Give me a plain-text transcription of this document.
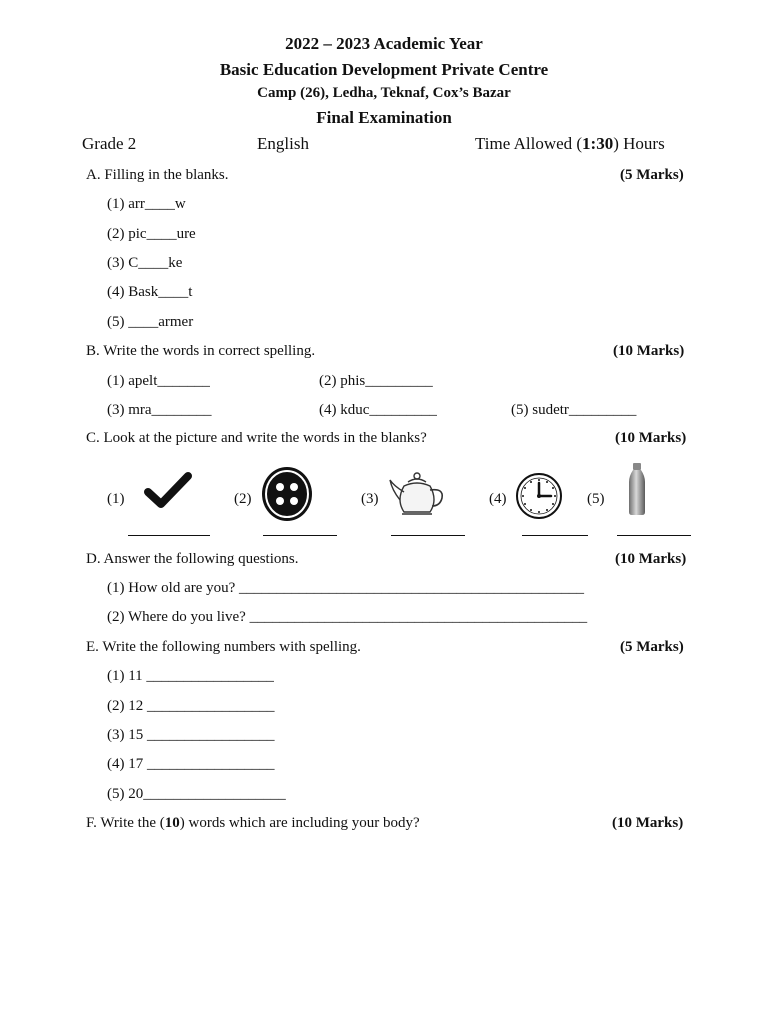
2022 – 2023 Academic Year
Basic Education Development Private Centre
Camp (26), Ledha, Teknaf, Cox’s Bazar
Final Examination
Grade 2	English	Time Allowed (1:30) Hours
A. Filling in the blanks.	(5 Marks)
(1) arr____w
(2) pic____ure
(3) C____ke
(4) Bask____t
(5) ____armer
B. Write the words in correct spelling.	(10 Marks)
(1) apelt_______	(2) phis_________
(3) mra________	(4) kduc_________	(5) sudetr_________
C. Look at the picture and write the words in the blanks?	(10 Marks)
(1)	(2)	(3)	(4)	(5)
D. Answer the following questions.	(10 Marks)
(1) How old are you? ______________________________________________
(2) Where do you live? _____________________________________________
E. Write the following numbers with spelling.	(5 Marks)
(1) 11 _________________
(2) 12 _________________
(3) 15 _________________
(4) 17 _________________
(5) 20___________________
F. Write the (10) words which are including your body?	(10 Marks)
